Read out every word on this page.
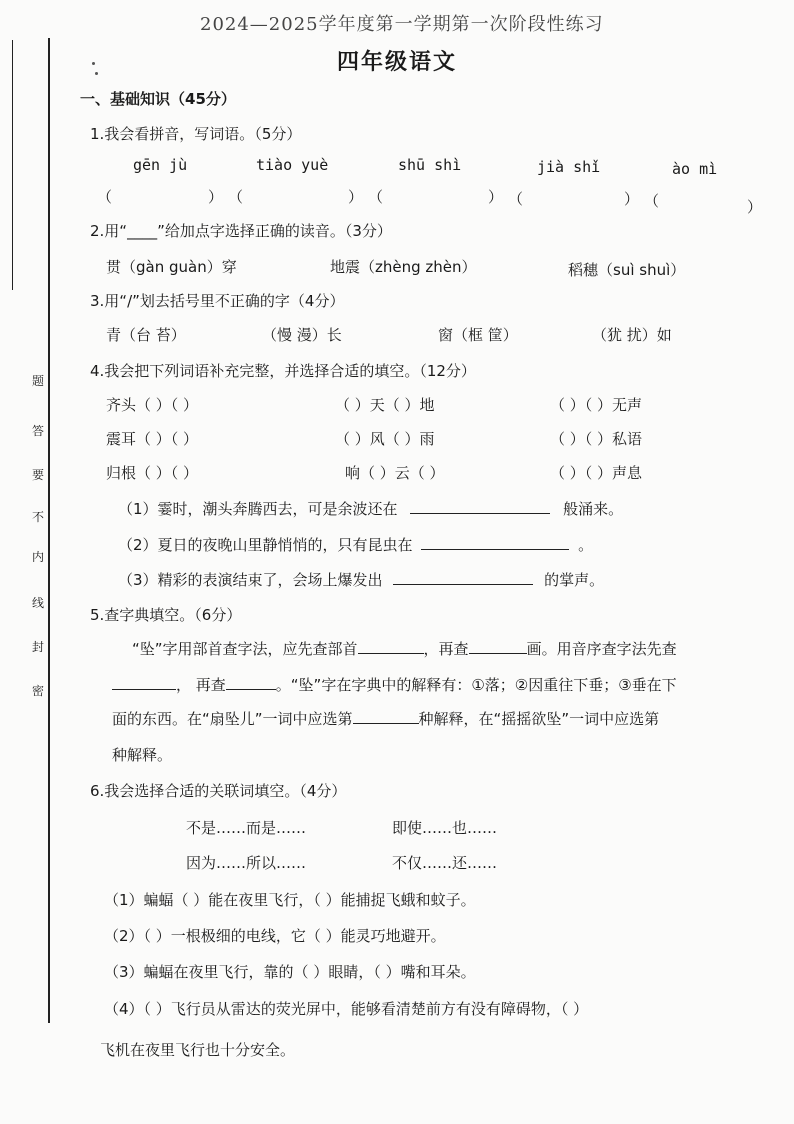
题
答
要
不
内
线
封
密
2024—2025学年度第一学期第一次阶段性练习
四年级语文
一、基础知识（45分）
1.我会看拼音，写词语。（5分）
gēn jù	tiào yuè	shū shì	jià shǐ	ào mì
（	） （	） （	） （	） （	）
2.用“____”给加点字选择正确的读音。（3分）
贯（gàn guàn）穿	地震（zhèng zhèn）	稻穗（suì shuì）
3.用“/”划去括号里不正确的字（4分）
青（台 苔）	（慢 漫）长	窗（框 筐）	（犹 扰）如
4.我会把下列词语补充完整，并选择合适的填空。（12分）
齐头（ ）（ ）	（ ）天（ ）地	（ ）（ ）无声
震耳（ ）（ ）	（ ）风（ ）雨	（ ）（ ）私语
归根（ ）（ ）	响（ ）云（ ）	（ ）（ ）声息
（1）霎时，潮头奔腾西去，可是余波还在	般涌来。
（2）夏日的夜晚山里静悄悄的，只有昆虫在	。
（3）精彩的表演结束了，会场上爆发出	的掌声。
5.查字典填空。（6分）
“坠”字用部首查字法，应先查部首	，再查	画。用音序查字法先查
， 再查	。“坠”字在字典中的解释有：①落；②因重往下垂；③垂在下
面的东西。在“扇坠儿”一词中应选第	种解释，在“摇摇欲坠”一词中应选第
种解释。
6.我会选择合适的关联词填空。（4分）
不是……而是……	即使……也……
因为……所以……	不仅……还……
（1）蝙蝠（ ）能在夜里飞行，（ ）能捕捉飞蛾和蚊子。
（2）（ ）一根极细的电线，它（ ）能灵巧地避开。
（3）蝙蝠在夜里飞行，靠的（ ）眼睛，（ ）嘴和耳朵。
（4）（ ）飞行员从雷达的荧光屏中，能够看清楚前方有没有障碍物，（ ）
飞机在夜里飞行也十分安全。
